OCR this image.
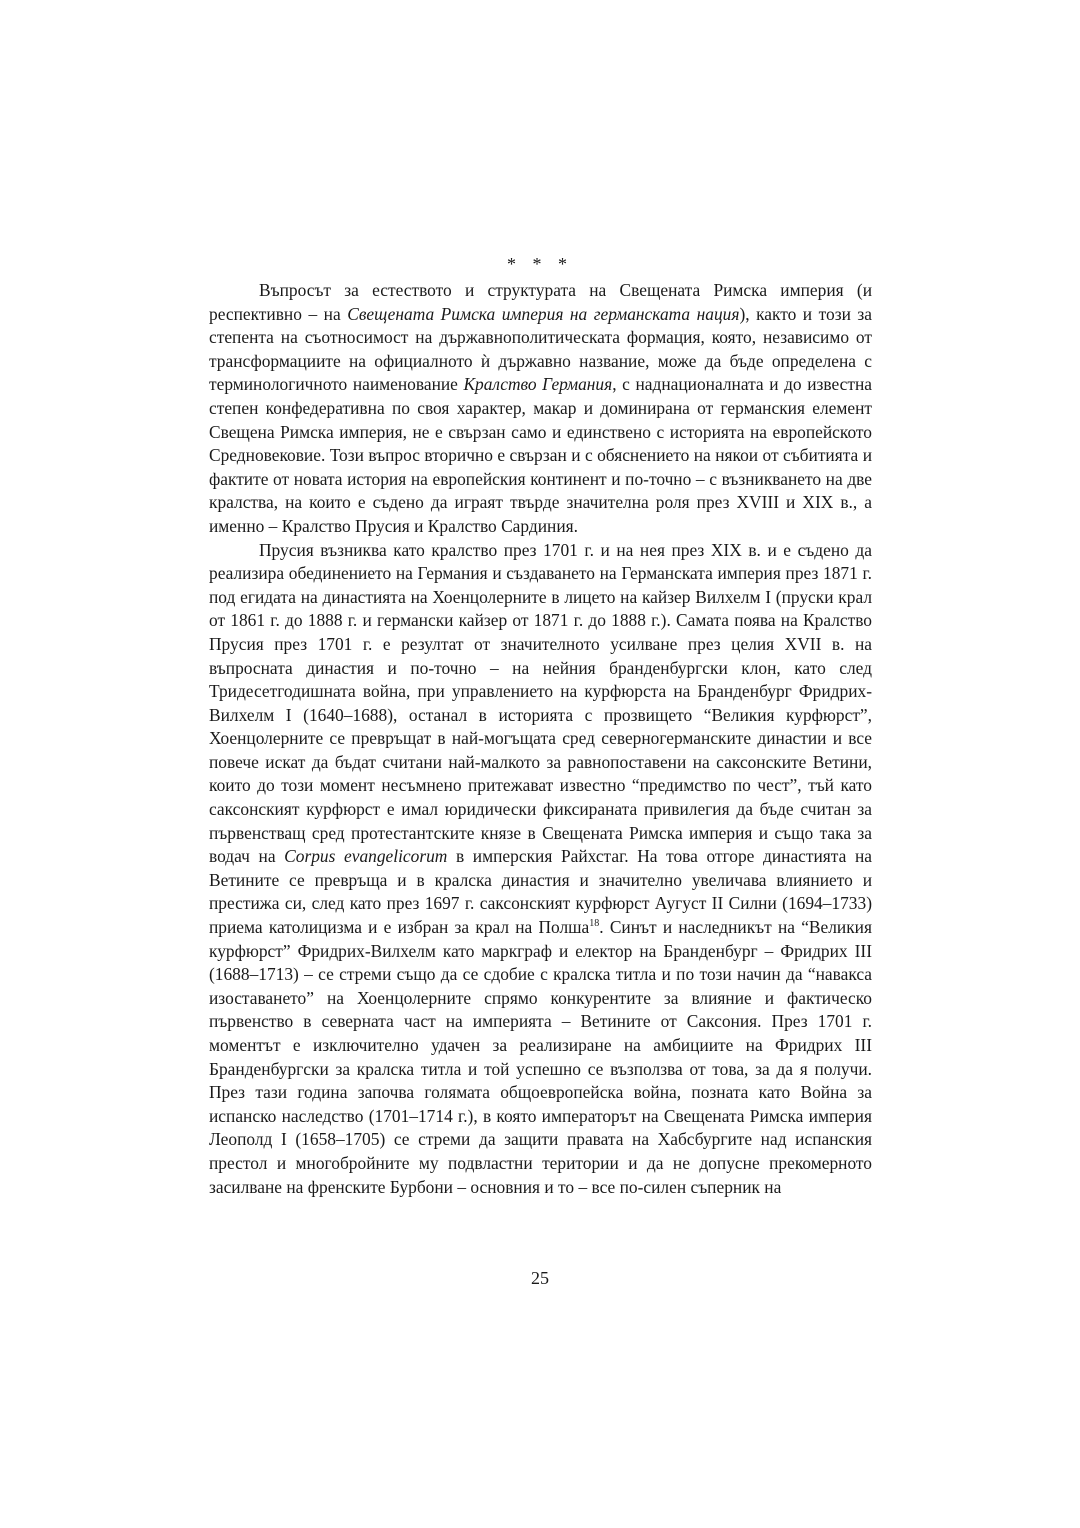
* * *

Въпросът за естеството и структурата на Свещената Римска империя (и респективно – на Свещената Римска империя на германската нация), както и този за степента на съотносимост на държавнополитическата формация, която, независимо от трансформациите на официалното ѝ държавно название, може да бъде определена с терминологичното наименование Кралство Германия, с наднационалната и до известна степен конфедеративна по своя характер, макар и доминирана от германския елемент Свещена Римска империя, не е свързан само и единствено с историята на европейското Средновековие. Този въпрос вторично е свързан и с обяснението на някои от събитията и фактите от новата история на европейския континент и по-точно – с възникването на две кралства, на които е съдено да играят твърде значителна роля през XVIII и XIX в., а именно – Кралство Прусия и Кралство Сардиния.

Прусия възниква като кралство през 1701 г. и на нея през XIX в. и е съдено да реализира обединението на Германия и създаването на Германската империя през 1871 г. под егидата на династията на Хоенцолерните в лицето на кайзер Вилхелм I (пруски крал от 1861 г. до 1888 г. и германски кайзер от 1871 г. до 1888 г.). Самата поява на Кралство Прусия през 1701 г. е резултат от значителното усилване през целия XVII в. на въпросната династия и по-точно – на нейния бранденбургски клон, като след Тридесетгодишната война, при управлението на курфюрста на Бранденбург Фридрих-Вилхелм I (1640–1688), останал в историята с прозвището “Великия курфюрст”, Хоенцолерните се превръщат в най-могъщата сред северногерманските династии и все повече искат да бъдат считани най-малкото за равнопоставени на саксонските Ветини, които до този момент несъмнено притежават известно “предимство по чест”, тъй като саксонският курфюрст е имал юридически фиксираната привилегия да бъде считан за първенстващ сред протестантските князе в Свещената Римска империя и също така за водач на Corpus evangelicorum в имперския Райхстаг. На това отгоре династията на Ветините се превръща и в кралска династия и значително увеличава влиянието и престижа си, след като през 1697 г. саксонският курфюрст Аугуст II Силни (1694–1733) приема католицизма и е избран за крал на Полша$^{18}$. Синът и наследникът на “Великия курфюрст” Фридрих-Вилхелм като маркграф и електор на Бранденбург – Фридрих III (1688–1713) – се стреми също да се сдобие с кралска титла и по този начин да “навакса изоставането” на Хоенцолерните спрямо конкурентите за влияние и фактическо първенство в северната част на империята – Ветините от Саксония. През 1701 г. моментът е изключително удачен за реализиране на амбициите на Фридрих III Бранденбургски за кралска титла и той успешно се възползва от това, за да я получи. През тази година започва голямата общоевропейска война, позната като Война за испанско наследство (1701–1714 г.), в която императорът на Свещената Римска империя Леополд I (1658–1705) се стреми да защити правата на Хабсбургите над испанския престол и многобройните му подвластни територии и да не допусне прекомерното засилване на френските Бурбони – основния и то – все по-силен съперник на

25
